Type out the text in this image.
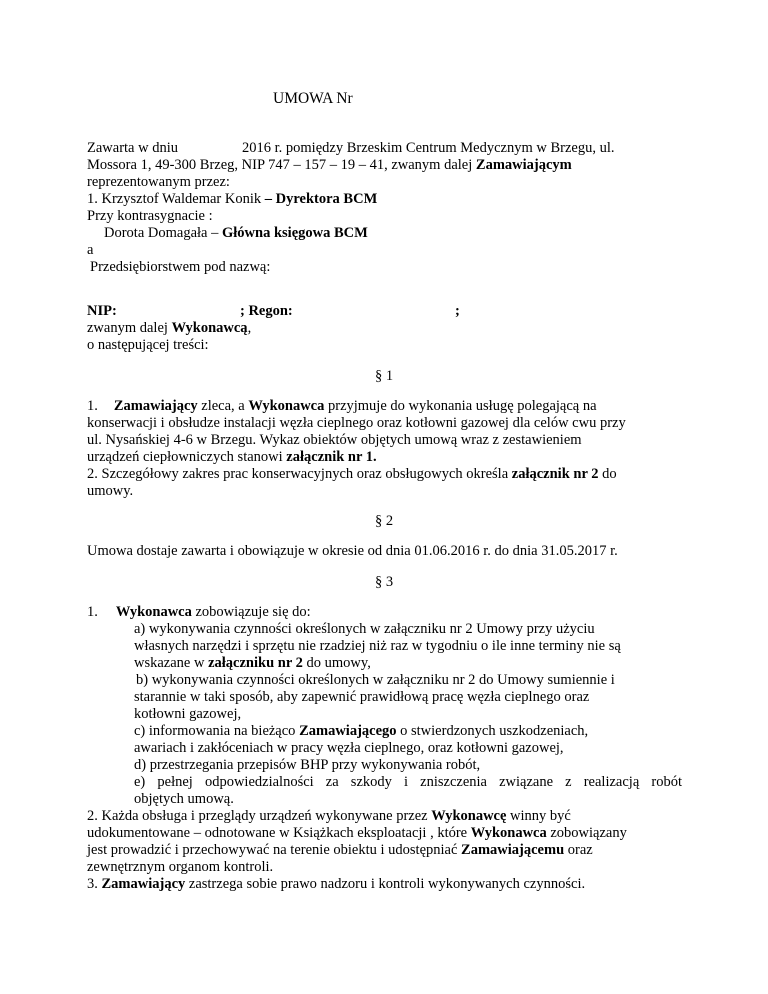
UMOWA Nr
Zawarta w dniu	2016 r. pomiędzy Brzeskim Centrum Medycznym w Brzegu, ul.
Mossora 1, 49-300 Brzeg, NIP 747 – 157 – 19 – 41, zwanym dalej Zamawiającym
reprezentowanym przez:
1. Krzysztof Waldemar Konik – Dyrektora BCM
Przy kontrasygnacie :
Dorota Domagała – Główna księgowa BCM
a
Przedsiębiorstwem pod nazwą:
NIP:	; Regon:	;
zwanym dalej Wykonawcą,
o następującej treści:
§ 1
1. Zamawiający zleca, a Wykonawca przyjmuje do wykonania usługę polegającą na
konserwacji i obsłudze instalacji węzła cieplnego oraz kotłowni gazowej dla celów cwu przy
ul. Nysańskiej 4-6 w Brzegu. Wykaz obiektów objętych umową wraz z zestawieniem
urządzeń ciepłowniczych stanowi załącznik nr 1.
2. Szczegółowy zakres prac konserwacyjnych oraz obsługowych określa załącznik nr 2 do
umowy.
§ 2
Umowa dostaje zawarta i obowiązuje w okresie od dnia 01.06.2016 r. do dnia 31.05.2017 r.
§ 3
1. Wykonawca zobowiązuje się do:
a) wykonywania czynności określonych w załączniku nr 2 Umowy przy użyciu
własnych narzędzi i sprzętu nie rzadziej niż raz w tygodniu o ile inne terminy nie są
wskazane w załączniku nr 2 do umowy,
b) wykonywania czynności określonych w załączniku nr 2 do Umowy sumiennie i
starannie w taki sposób, aby zapewnić prawidłową pracę węzła cieplnego oraz
kotłowni gazowej,
c) informowania na bieżąco Zamawiającego o stwierdzonych uszkodzeniach,
awariach i zakłóceniach w pracy węzła cieplnego, oraz kotłowni gazowej,
d) przestrzegania przepisów BHP przy wykonywania robót,
e) pełnej odpowiedzialności za szkody i zniszczenia związane z realizacją robót
objętych umową.
2. Każda obsługa i przeglądy urządzeń wykonywane przez Wykonawcę winny być
udokumentowane – odnotowane w Książkach eksploatacji , które Wykonawca zobowiązany
jest prowadzić i przechowywać na terenie obiektu i udostępniać Zamawiającemu oraz
zewnętrznym organom kontroli.
3. Zamawiający zastrzega sobie prawo nadzoru i kontroli wykonywanych czynności.
